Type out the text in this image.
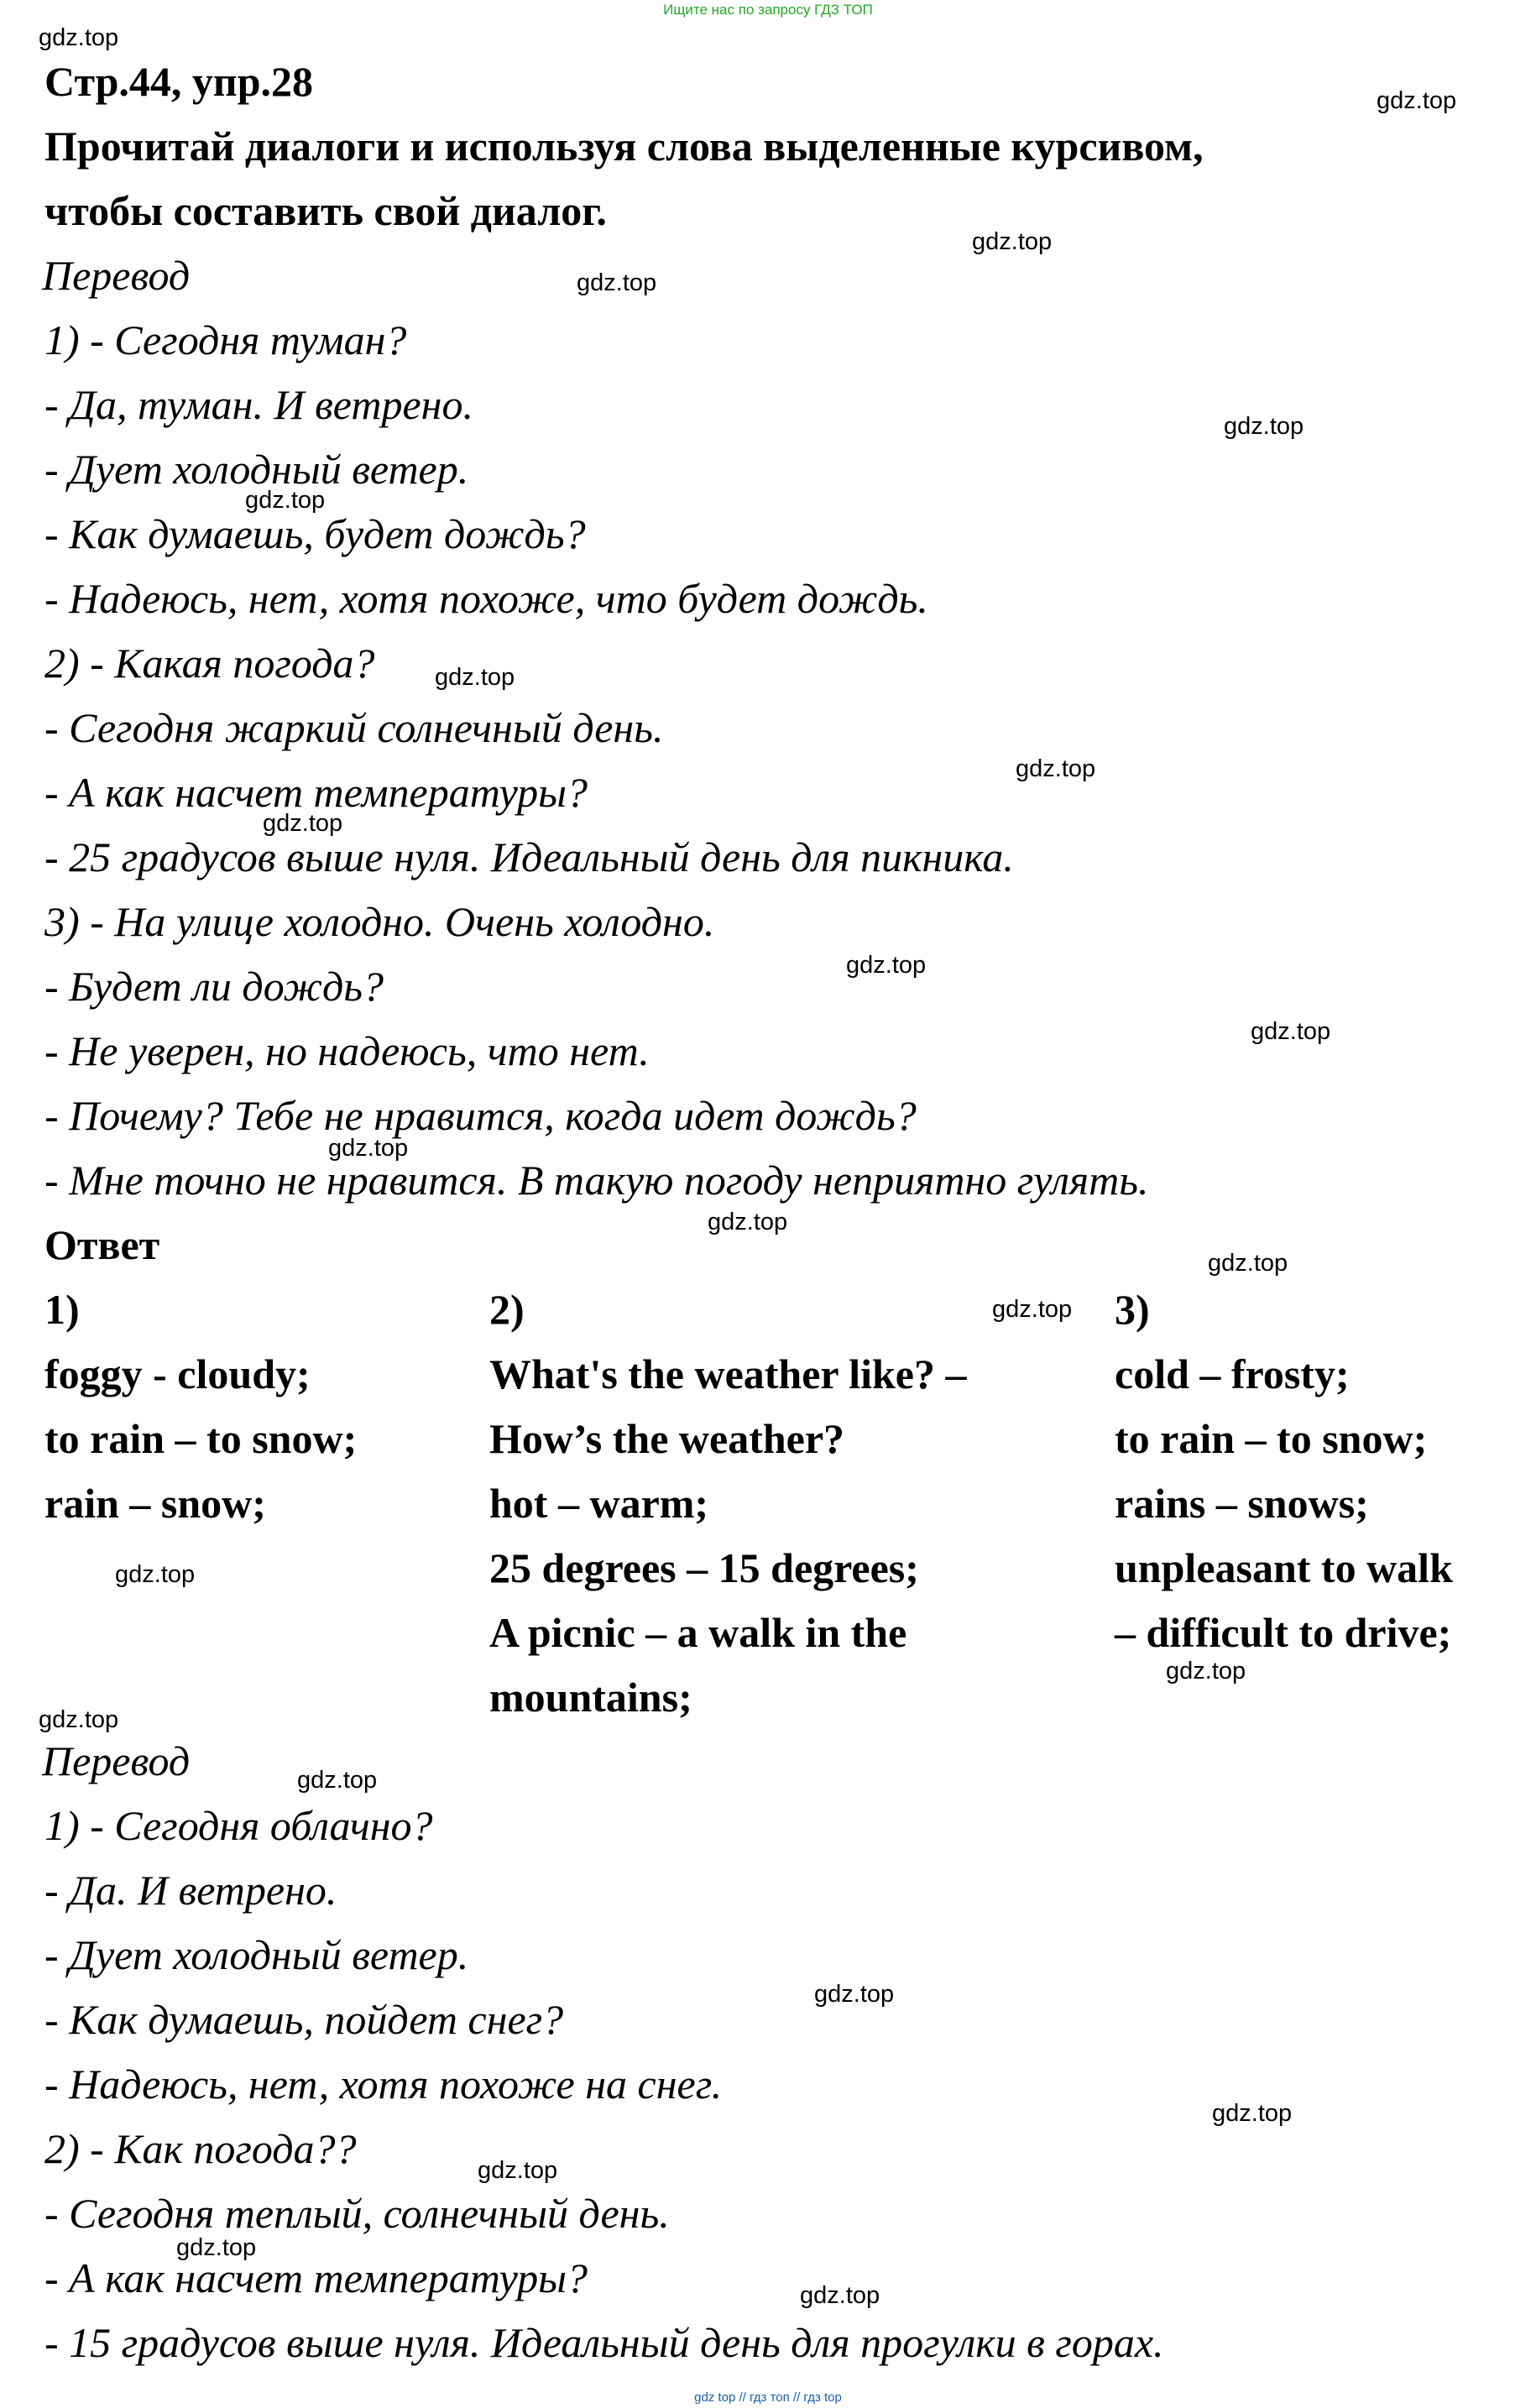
Ищите нас по запросу ГДЗ ТОП
Стр.44, упр.28
Прочитай диалоги и используя слова выделенные курсивом,
чтобы составить свой диалог.
Перевод
1) - Сегодня туман?
- Да, туман. И ветрено.
- Дует холодный ветер.
- Как думаешь, будет дождь?
- Надеюсь, нет, хотя похоже, что будет дождь.
2) - Какая погода?
- Сегодня жаркий солнечный день.
- А как насчет температуры?
- 25 градусов выше нуля. Идеальный день для пикника.
3) - На улице холодно. Очень холодно.
- Будет ли дождь?
- Не уверен, но надеюсь, что нет.
- Почему? Тебе не нравится, когда идет дождь?
- Мне точно не нравится. В такую погоду неприятно гулять.
Ответ
1)
foggy - cloudy;
to rain – to snow;
rain – snow;
2)
What's the weather like? –
How’s the weather?
hot – warm;
25 degrees – 15 degrees;
A picnic – a walk in the
mountains;
3)
cold – frosty;
to rain – to snow;
rains – snows;
unpleasant to walk
– difficult to drive;
Перевод
1) - Сегодня облачно?
- Да. И ветрено.
- Дует холодный ветер.
- Как думаешь, пойдет снег?
- Надеюсь, нет, хотя похоже на снег.
2) - Как погода??
- Сегодня теплый, солнечный день.
- А как насчет температуры?
- 15 градусов выше нуля. Идеальный день для прогулки в горах.
gdz.top
gdz.top
gdz.top
gdz.top
gdz.top
gdz.top
gdz.top
gdz.top
gdz.top
gdz.top
gdz.top
gdz.top
gdz.top
gdz.top
gdz.top
gdz.top
gdz.top
gdz.top
gdz.top
gdz.top
gdz.top
gdz.top
gdz.top
gdz.top
gdz top // гдз топ // гдз top
